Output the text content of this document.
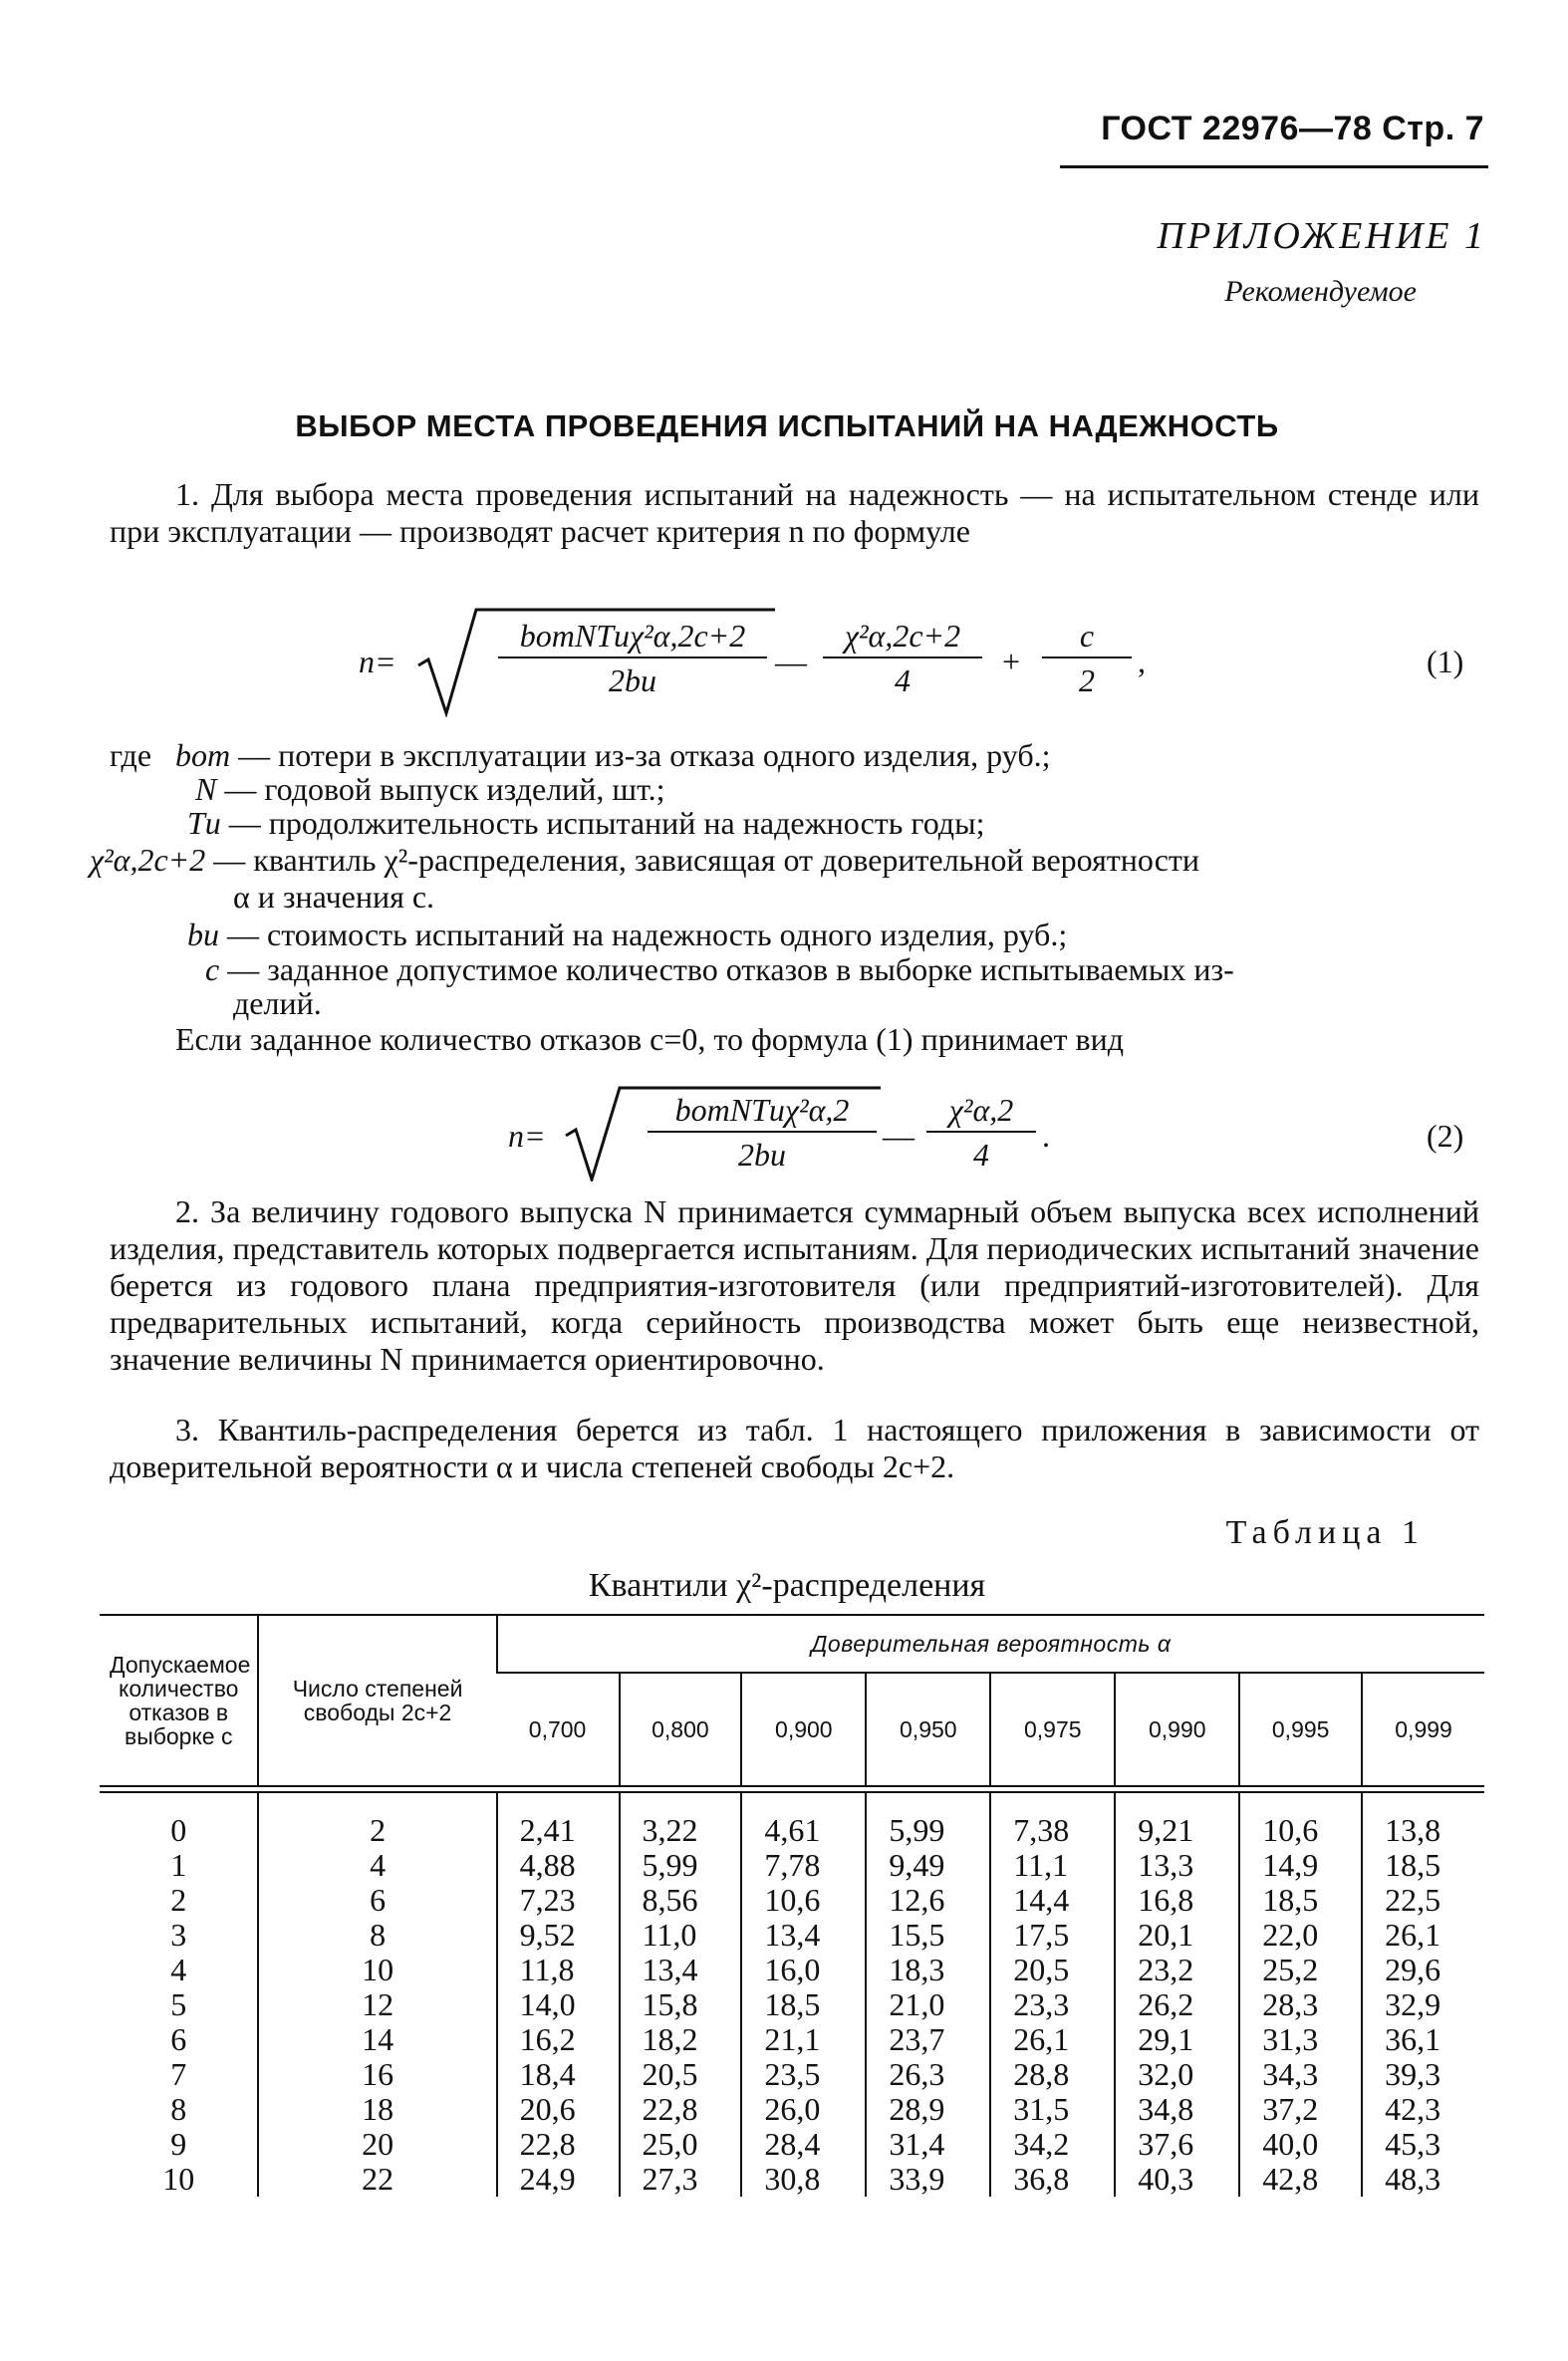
ГОСТ 22976—78 Стр. 7
ПРИЛОЖЕНИЕ 1
Рекомендуемое
ВЫБОР МЕСТА ПРОВЕДЕНИЯ ИСПЫТАНИЙ НА НАДЕЖНОСТЬ
1. Для выбора места проведения испытаний на надежность — на испытательном стенде или при эксплуатации — производят расчет критерия n по формуле
n=
bотNTиχ²α,2c+2
2bи
— $\frac{\text{χ²α,2c+2}}{4} + \frac{c}{2}$ ,	(1)
где bот — потери в эксплуатации из-за отказа одного изделия, руб.;
N — годовой выпуск изделий, шт.;
Tи — продолжительность испытаний на надежность годы;
χ²α,2c+2 — квантиль χ²-распределения, зависящая от доверительной вероятности
α и значения c.
bи — стоимость испытаний на надежность одного изделия, руб.;
c — заданное допустимое количество отказов в выборке испытываемых из-
делий.
Если заданное количество отказов c=0, то формула (1) принимает вид
n=
bотNTиχ²α,2
2bи
— $\frac{\text{χ²α,2}}{4}$ .	(2)
2. За величину годового выпуска N принимается суммарный объем выпуска всех исполнений изделия, представитель которых подвергается испытаниям. Для периодических испытаний значение берется из годового плана предприятия-изготовителя (или предприятий-изготовителей). Для предварительных испытаний, когда серийность производства может быть еще неизвестной, значение величины N принимается ориентировочно.
3. Квантиль-распределения берется из табл. 1 настоящего приложения в зависимости от доверительной вероятности α и числа степеней свободы 2c+2.
Таблица 1
Квантили χ²-распределения
Допускаемое количество отказов в выборке c	Число степеней свободы 2c+2	Доверительная вероятность α							
		0,700	0,800	0,900	0,950	0,975	0,990	0,995	0,999
0	2	2,41	3,22	4,61	5,99	7,38	9,21	10,6	13,8
1	4	4,88	5,99	7,78	9,49	11,1	13,3	14,9	18,5
2	6	7,23	8,56	10,6	12,6	14,4	16,8	18,5	22,5
3	8	9,52	11,0	13,4	15,5	17,5	20,1	22,0	26,1
4	10	11,8	13,4	16,0	18,3	20,5	23,2	25,2	29,6
5	12	14,0	15,8	18,5	21,0	23,3	26,2	28,3	32,9
6	14	16,2	18,2	21,1	23,7	26,1	29,1	31,3	36,1
7	16	18,4	20,5	23,5	26,3	28,8	32,0	34,3	39,3
8	18	20,6	22,8	26,0	28,9	31,5	34,8	37,2	42,3
9	20	22,8	25,0	28,4	31,4	34,2	37,6	40,0	45,3
10	22	24,9	27,3	30,8	33,9	36,8	40,3	42,8	48,3
